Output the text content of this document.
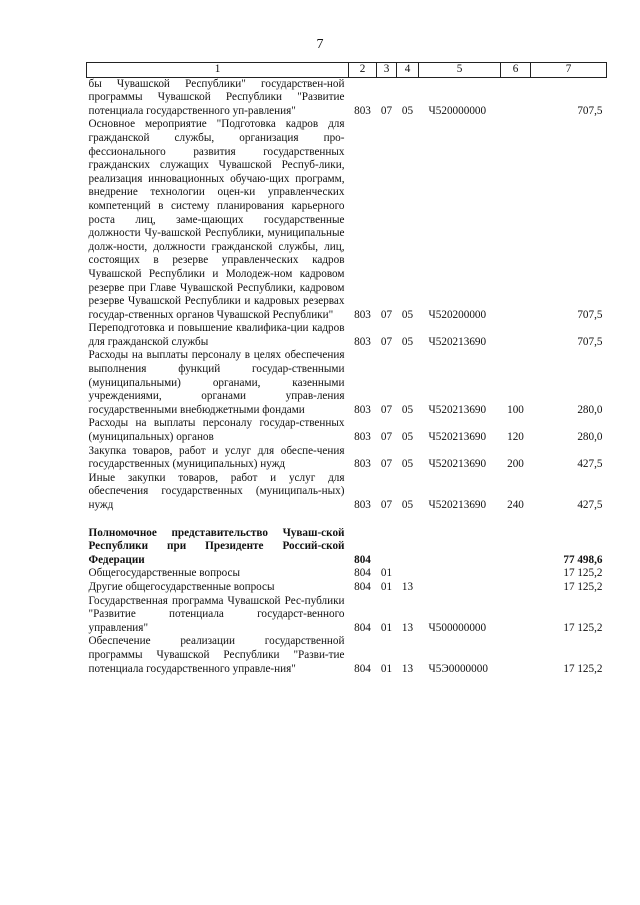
7
1	2	3	4	5	6	7
бы Чувашской Республики" государствен-ной программы Чувашской Республики "Развитие потенциала государственного уп-равления"	803	07	05	Ч520000000		707,5
Основное мероприятие "Подготовка кадров для гражданской службы, организация про-фессионального развития государственных гражданских служащих Чувашской Респуб-лики, реализация инновационных обучаю-щих программ, внедрение технологии оцен-ки управленческих компетенций в систему планирования карьерного роста лиц, заме-щающих государственные должности Чу-вашской Республики, муниципальные долж-ности, должности гражданской службы, лиц, состоящих в резерве управленческих кадров Чувашской Республики и Молодеж-ном кадровом резерве при Главе Чувашской Республики, кадровом резерве Чувашской Республики и кадровых резервах государ-ственных органов Чувашской Республики"	803	07	05	Ч520200000		707,5
Переподготовка и повышение квалифика-ции кадров для гражданской службы	803	07	05	Ч520213690		707,5
Расходы на выплаты персоналу в целях обеспечения выполнения функций государ-ственными (муниципальными) органами, казенными учреждениями, органами управ-ления государственными внебюджетными фондами	803	07	05	Ч520213690	100	280,0
Расходы на выплаты персоналу государ-ственных (муниципальных) органов	803	07	05	Ч520213690	120	280,0
Закупка товаров, работ и услуг для обеспе-чения государственных (муниципальных) нужд	803	07	05	Ч520213690	200	427,5
Иные закупки товаров, работ и услуг для обеспечения государственных (муниципаль-ных) нужд	803	07	05	Ч520213690	240	427,5

Полномочное представительство Чуваш-ской Республики при Президенте Россий-ской Федерации	804					77 498,6
Общегосударственные вопросы	804	01				17 125,2
Другие общегосударственные вопросы	804	01	13			17 125,2
Государственная программа Чувашской Рес-публики "Развитие потенциала государст-венного управления"	804	01	13	Ч500000000		17 125,2
Обеспечение реализации государственной программы Чувашской Республики "Разви-тие потенциала государственного управле-ния"	804	01	13	Ч5Э0000000		17 125,2
